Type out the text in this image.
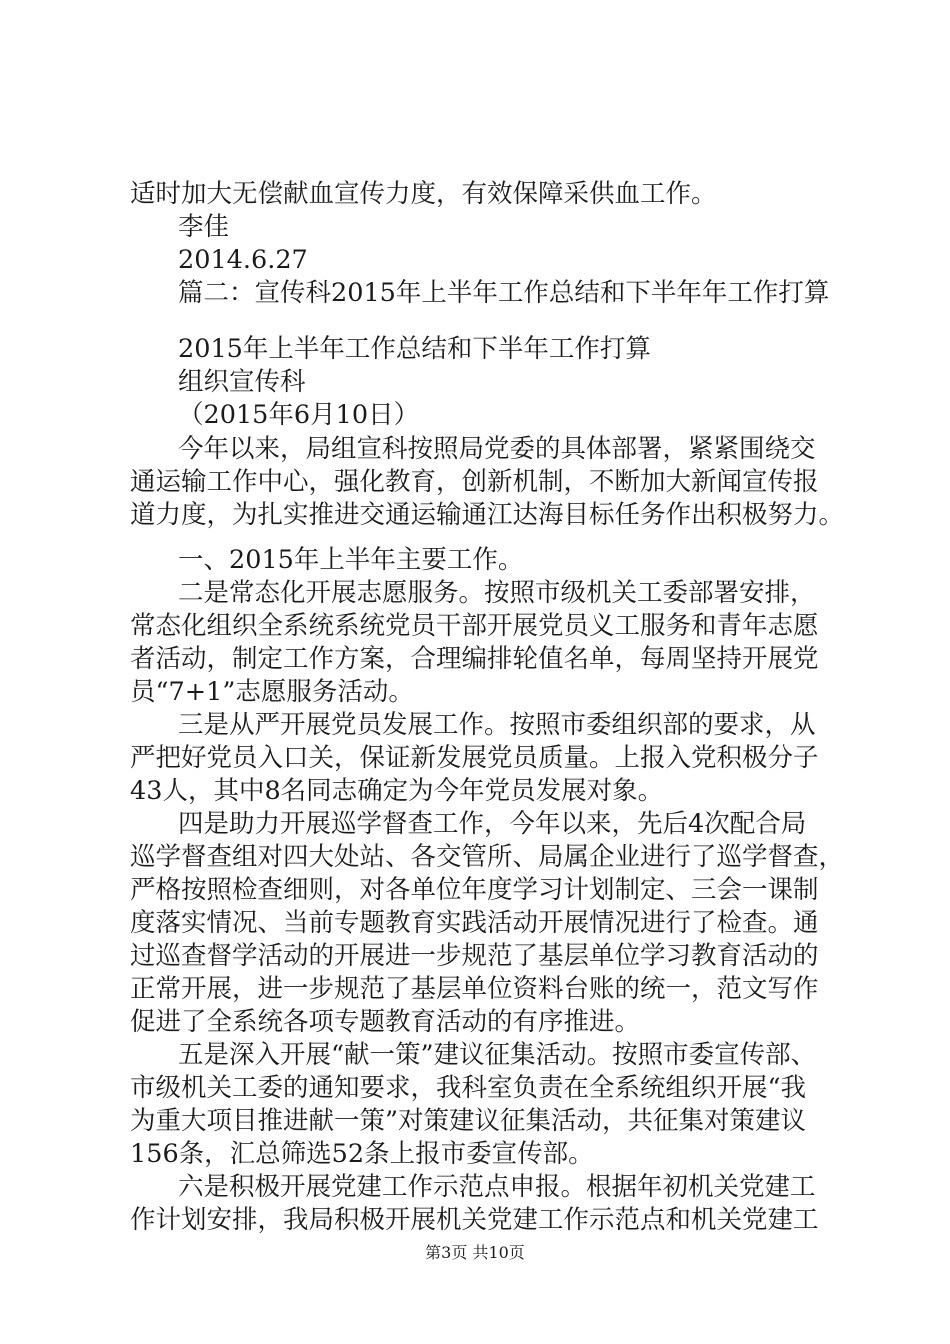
适时加大无偿献血宣传力度，有效保障采供血工作。
李佳
2014.6.27
篇二：宣传科2015年上半年工作总结和下半年年工作打算
2015年上半年工作总结和下半年工作打算
组织宣传科
（2015年6月10日）
今年以来，局组宣科按照局党委的具体部署，紧紧围绕交
通运输工作中心，强化教育，创新机制，不断加大新闻宣传报
道力度，为扎实推进交通运输通江达海目标任务作出积极努力。
一、2015年上半年主要工作。
二是常态化开展志愿服务。按照市级机关工委部署安排，
常态化组织全系统系统党员干部开展党员义工服务和青年志愿
者活动，制定工作方案，合理编排轮值名单，每周坚持开展党
员“7+1”志愿服务活动。
三是从严开展党员发展工作。按照市委组织部的要求，从
严把好党员入口关，保证新发展党员质量。上报入党积极分子
43人，其中8名同志确定为今年党员发展对象。
四是助力开展巡学督查工作，今年以来，先后4次配合局
巡学督查组对四大处站、各交管所、局属企业进行了巡学督查，
严格按照检查细则，对各单位年度学习计划制定、三会一课制
度落实情况、当前专题教育实践活动开展情况进行了检查。通
过巡查督学活动的开展进一步规范了基层单位学习教育活动的
正常开展，进一步规范了基层单位资料台账的统一，范文写作
促进了全系统各项专题教育活动的有序推进。
五是深入开展“献一策”建议征集活动。按照市委宣传部、
市级机关工委的通知要求，我科室负责在全系统组织开展“我
为重大项目推进献一策”对策建议征集活动，共征集对策建议
156条，汇总筛选52条上报市委宣传部。
六是积极开展党建工作示范点申报。根据年初机关党建工
作计划安排，我局积极开展机关党建工作示范点和机关党建工
第3页 共10页
